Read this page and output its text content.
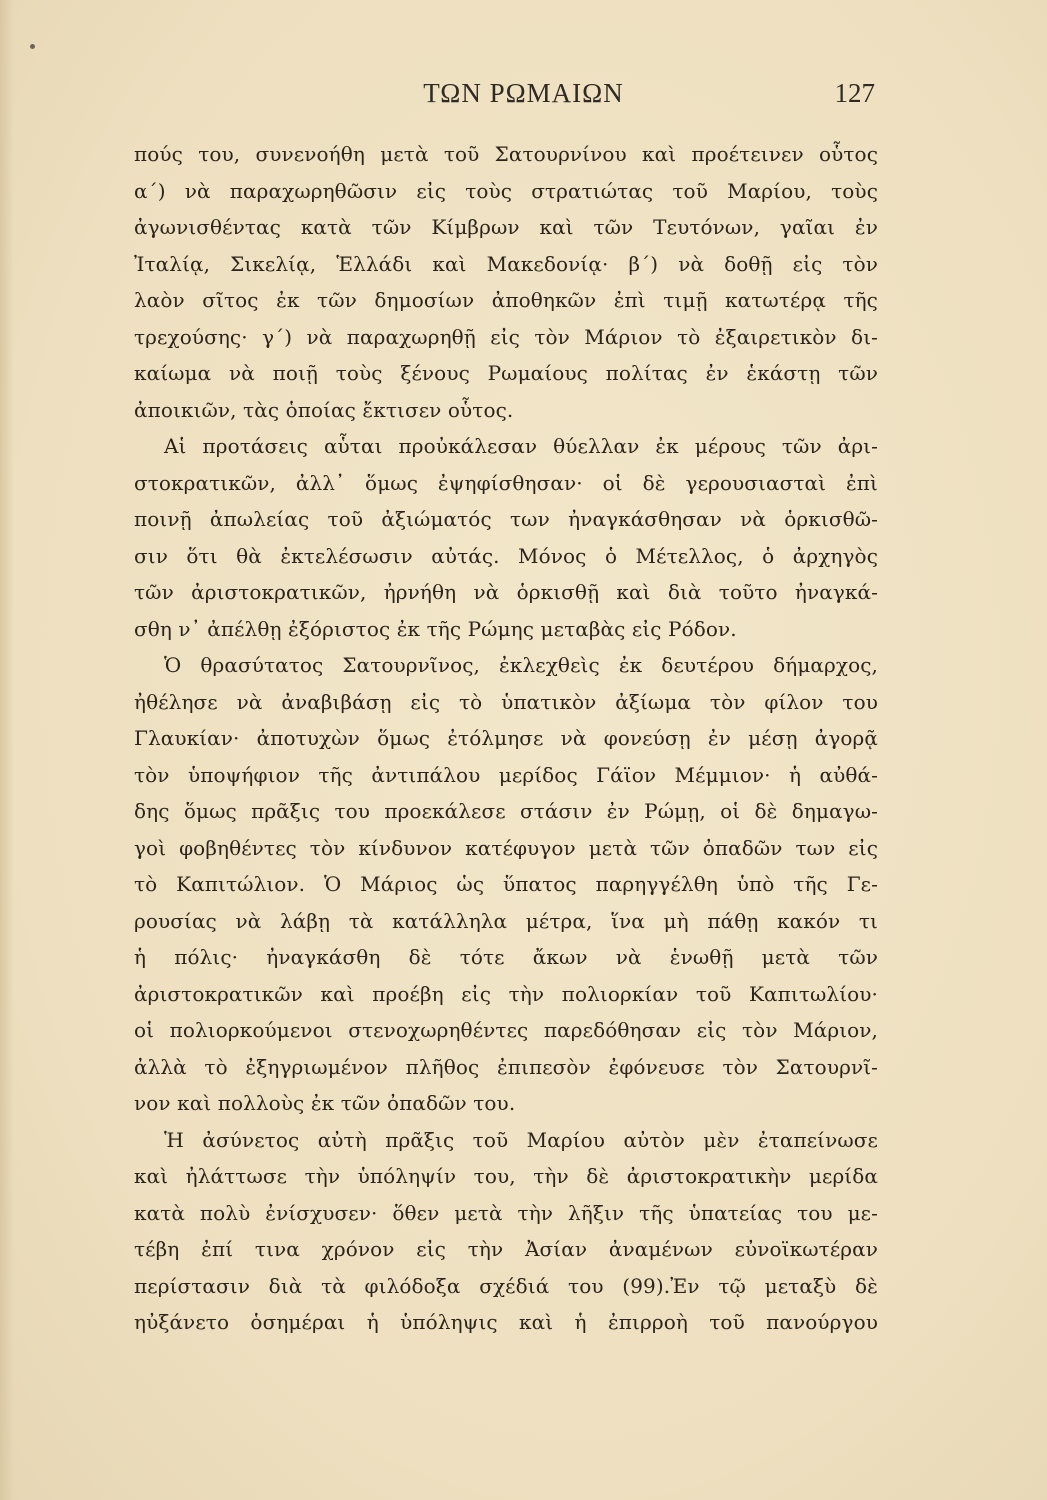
ΤΩΝ ΡΩΜΑΙΩΝ	127
πούς του, συνενοήθη μετὰ τοῦ Σατουρνίνου καὶ προέτεινεν οὗτος
α΄) νὰ παραχωρηθῶσιν εἰς τοὺς στρατιώτας τοῦ Μαρίου, τοὺς
ἀγωνισθέντας κατὰ τῶν Κίμβρων καὶ τῶν Τευτόνων, γαῖαι ἐν
Ἰταλίᾳ, Σικελίᾳ, Ἑλλάδι καὶ Μακεδονίᾳ· β΄) νὰ δοθῇ εἰς τὸν
λαὸν σῖτος ἐκ τῶν δημοσίων ἀποθηκῶν ἐπὶ τιμῇ κατωτέρᾳ τῆς
τρεχούσης· γ΄) νὰ παραχωρηθῇ εἰς τὸν Μάριον τὸ ἐξαιρετικὸν δι-
καίωμα νὰ ποιῇ τοὺς ξένους Ρωμαίους πολίτας ἐν ἑκάστῃ τῶν
ἀποικιῶν, τὰς ὁποίας ἔκτισεν οὗτος.
Αἱ προτάσεις αὗται προὐκάλεσαν θύελλαν ἐκ μέρους τῶν ἀρι-
στοκρατικῶν, ἀλλ᾿ ὅμως ἐψηφίσθησαν· οἱ δὲ γερουσιασταὶ ἐπὶ
ποινῇ ἀπωλείας τοῦ ἀξιώματός των ἠναγκάσθησαν νὰ ὁρκισθῶ-
σιν ὅτι θὰ ἐκτελέσωσιν αὐτάς. Μόνος ὁ Μέτελλος, ὁ ἀρχηγὸς
τῶν ἀριστοκρατικῶν, ἠρνήθη νὰ ὁρκισθῇ καὶ διὰ τοῦτο ἠναγκά-
σθη ν᾿ ἀπέλθῃ ἐξόριστος ἐκ τῆς Ρώμης μεταβὰς εἰς Ρόδον.
Ὁ θρασύτατος Σατουρνῖνος, ἐκλεχθεὶς ἐκ δευτέρου δήμαρχος,
ἠθέλησε νὰ ἀναβιβάσῃ εἰς τὸ ὑπατικὸν ἀξίωμα τὸν φίλον του
Γλαυκίαν· ἀποτυχὼν ὅμως ἐτόλμησε νὰ φονεύσῃ ἐν μέσῃ ἀγορᾷ
τὸν ὑποψήφιον τῆς ἀντιπάλου μερίδος Γάϊον Μέμμιον· ἡ αὐθά-
δης ὅμως πρᾶξις του προεκάλεσε στάσιν ἐν Ρώμῃ, οἱ δὲ δημαγω-
γοὶ φοβηθέντες τὸν κίνδυνον κατέφυγον μετὰ τῶν ὀπαδῶν των εἰς
τὸ Καπιτώλιον. Ὁ Μάριος ὡς ὕπατος παρηγγέλθη ὑπὸ τῆς Γε-
ρουσίας νὰ λάβῃ τὰ κατάλληλα μέτρα, ἵνα μὴ πάθῃ κακόν τι
ἡ πόλις· ἠναγκάσθη δὲ τότε ἄκων νὰ ἑνωθῇ μετὰ τῶν
ἀριστοκρατικῶν καὶ προέβη εἰς τὴν πολιορκίαν τοῦ Καπιτωλίου·
οἱ πολιορκούμενοι στενοχωρηθέντες παρεδόθησαν εἰς τὸν Μάριον,
ἀλλὰ τὸ ἐξηγριωμένον πλῆθος ἐπιπεσὸν ἐφόνευσε τὸν Σατουρνῖ-
νον καὶ πολλοὺς ἐκ τῶν ὀπαδῶν του.
Ἡ ἀσύνετος αὐτὴ πρᾶξις τοῦ Μαρίου αὐτὸν μὲν ἐταπείνωσε
καὶ ἠλάττωσε τὴν ὑπόληψίν του, τὴν δὲ ἀριστοκρατικὴν μερίδα
κατὰ πολὺ ἐνίσχυσεν· ὅθεν μετὰ τὴν λῆξιν τῆς ὑπατείας του με-
τέβη ἐπί τινα χρόνον εἰς τὴν Ἀσίαν ἀναμένων εὐνοϊκωτέραν
περίστασιν διὰ τὰ φιλόδοξα σχέδιά του (99).Ἐν τῷ μεταξὺ δὲ
ηὐξάνετο ὁσημέραι ἡ ὑπόληψις καὶ ἡ ἐπιρροὴ τοῦ πανούργου
